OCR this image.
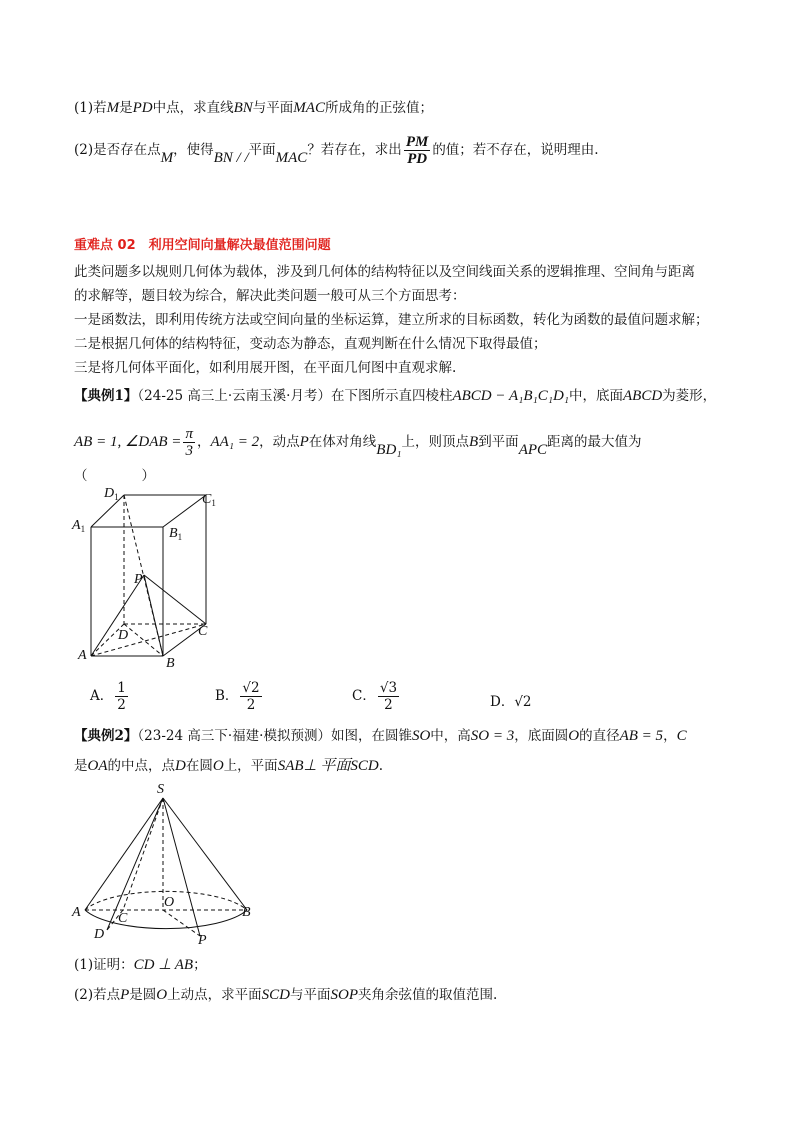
(1)若M是PD中点，求直线BN与平面MAC所成角的正弦值；
(2)是否存在点M，使得BN / /平面MAC？若存在，求出 $\frac{PM}{PD}$ 的值；若不存在，说明理由.
重难点 02　利用空间向量解决最值范围问题
此类问题多以规则几何体为载体，涉及到几何体的结构特征以及空间线面关系的逻辑推理、空间角与距离
的求解等，题目较为综合，解决此类问题一般可从三个方面思考：
一是函数法，即利用传统方法或空间向量的坐标运算，建立所求的目标函数，转化为函数的最值问题求解；
二是根据几何体的结构特征，变动态为静态，直观判断在什么情况下取得最值；
三是将几何体平面化，如利用展开图，在平面几何图中直观求解.
【典例1】（24-25 高三上·云南玉溪·月考）在下图所示直四棱柱ABCD − A₁B₁C₁D₁中，底面ABCD为菱形，
AB = 1, ∠DAB = $\frac{\pi}{3}$ ，AA₁ = 2，动点P在体对角线BD₁上，则顶点B到平面APC距离的最大值为
（　　　　）
$D_1$	$C_1$
$A_1$	$B_1$
P
D	C
A
B
A． $\frac{1}{2}$	B． $\frac{√2}{2}$	C． $\frac{√3}{2}$	D．√2
【典例2】（23-24 高三下·福建·模拟预测）如图，在圆锥SO中，高SO = 3，底面圆O的直径AB = 5，C
是OA的中点，点D在圆O上，平面SAB⊥ 平面SCD.
S
O
A	B
C
D	P
(1)证明：CD ⊥ AB；
(2)若点P是圆O上动点，求平面SCD与平面SOP夹角余弦值的取值范围.
